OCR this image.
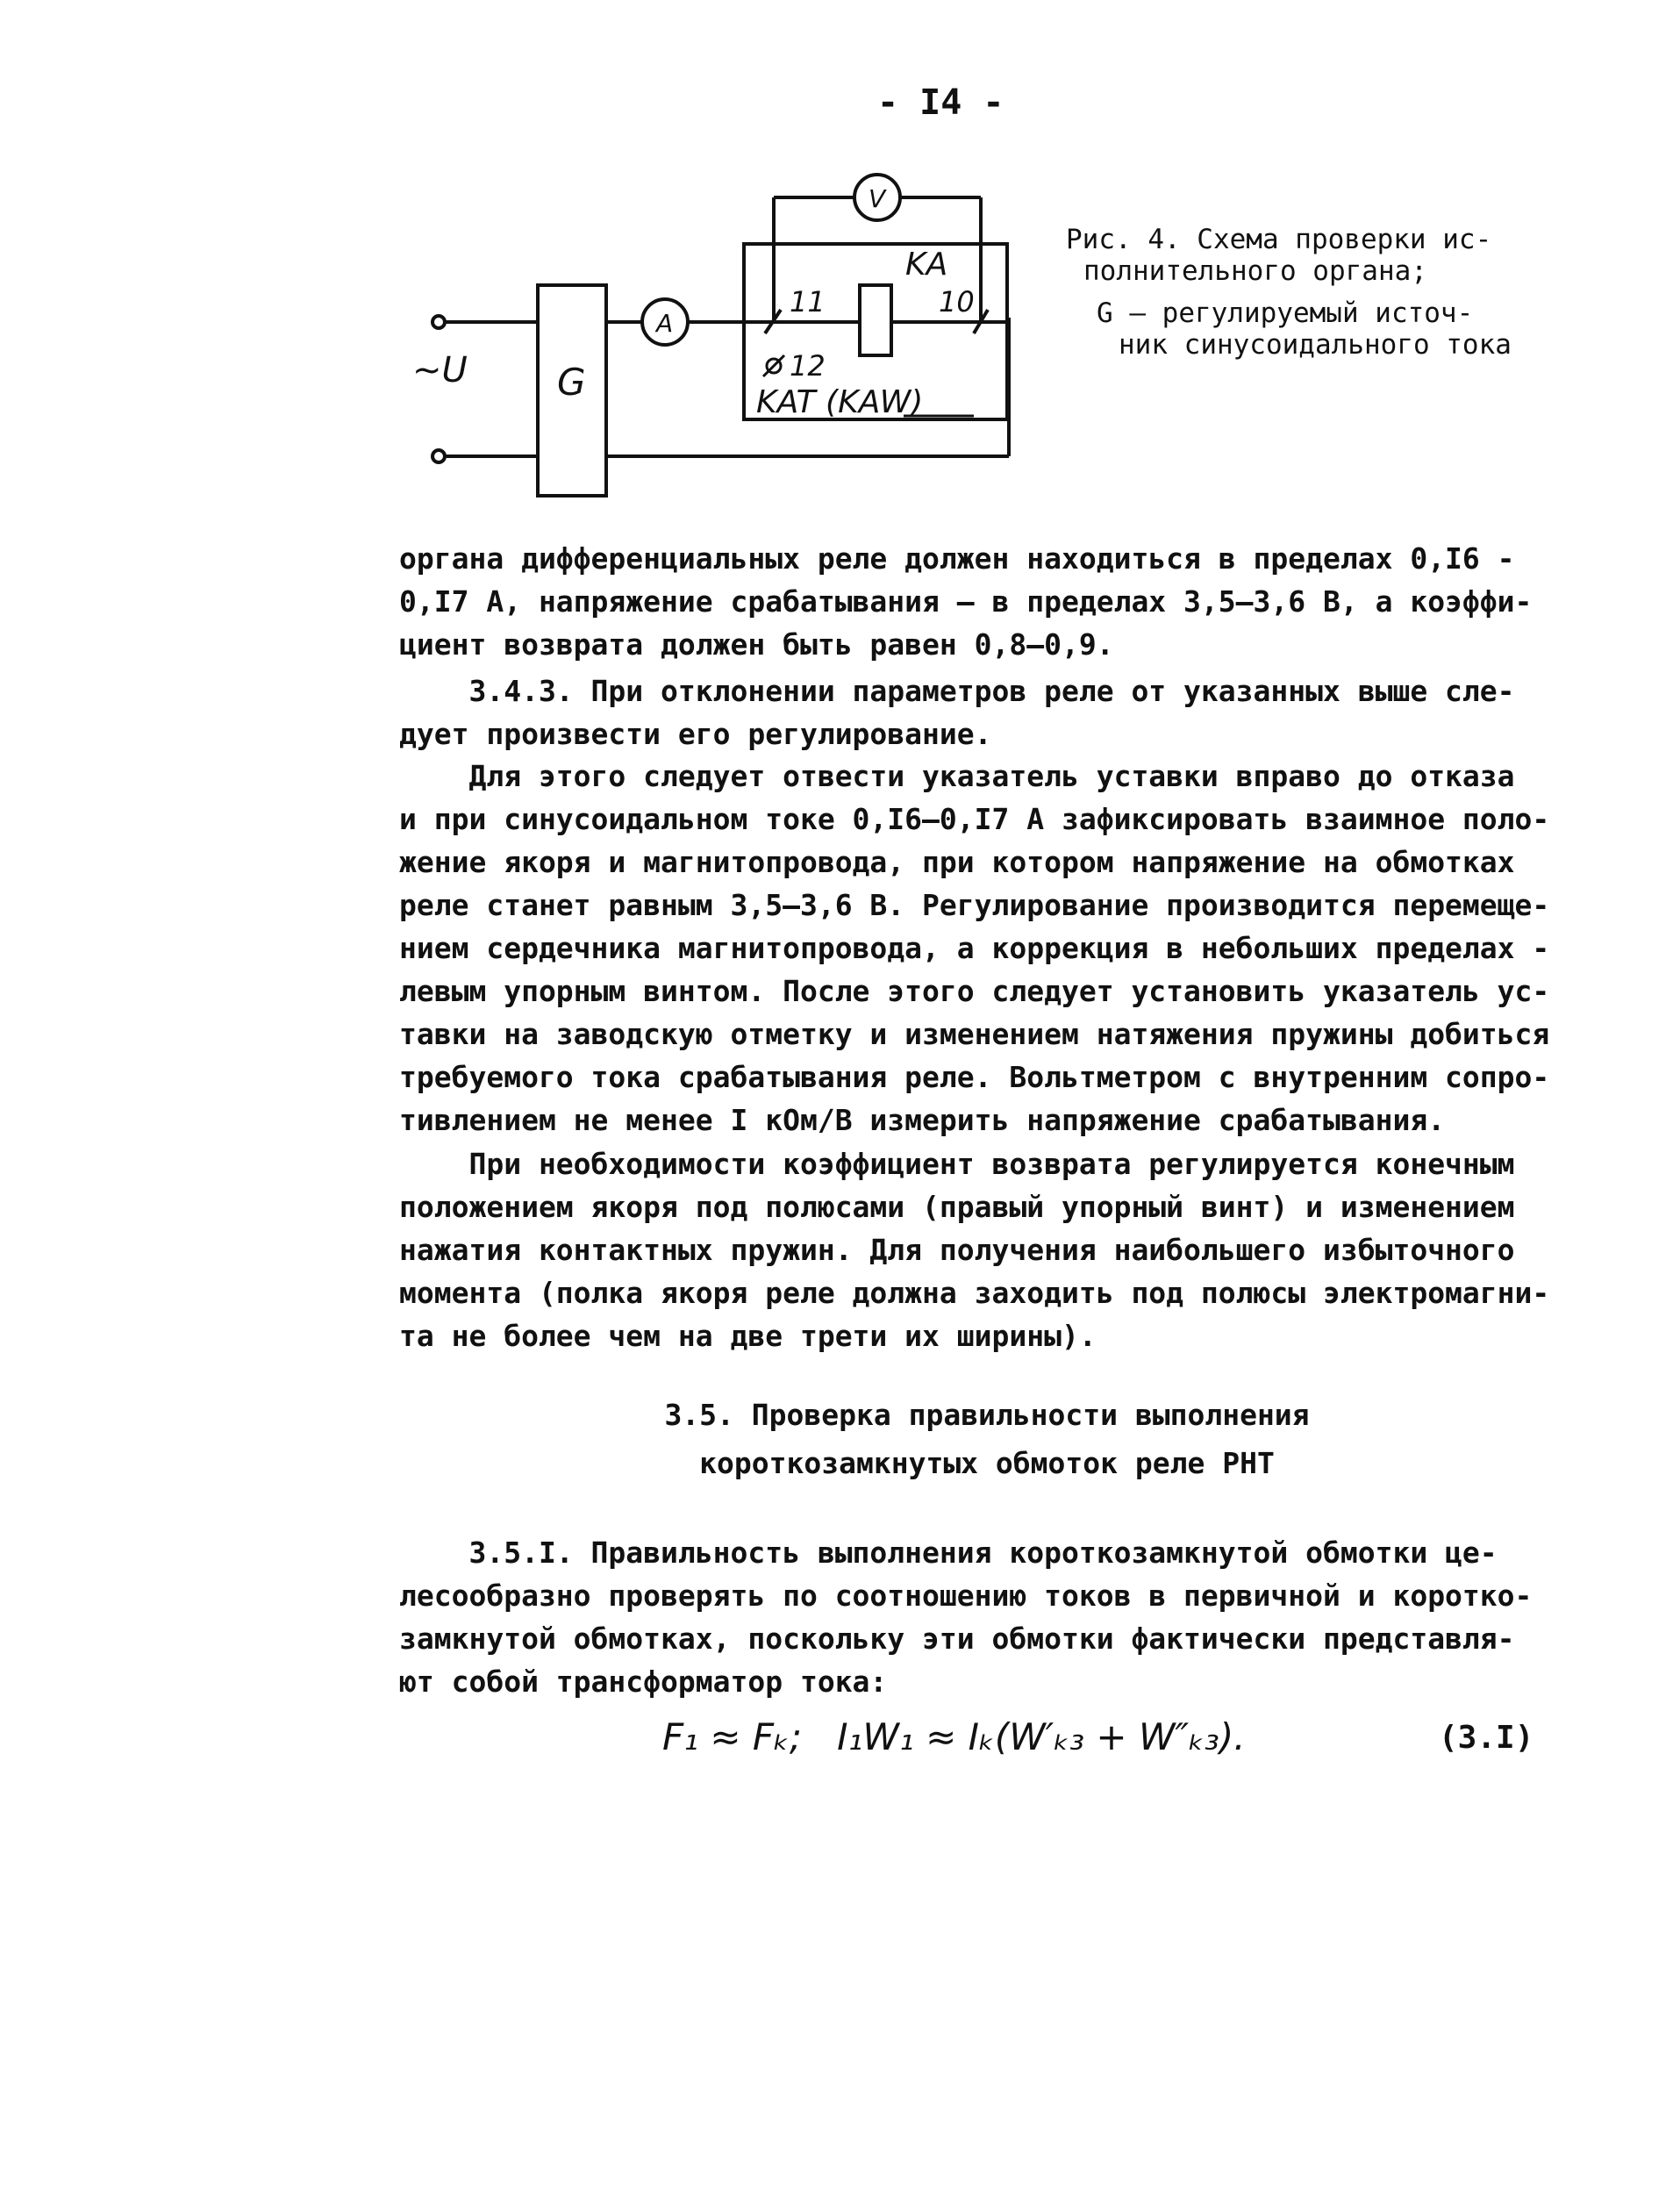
- I4 -
~U G
A
V
KA
11	10
12
KAT (KAW)
Рис. 4. Схема проверки ис-
полнительного органа;
G – регулируемый источ-
ник синусоидального тока
органа дифференциальных реле должен находиться в пределах 0,I6 -
0,I7 А, напряжение срабатывания – в пределах 3,5–3,6 В, а коэффи-
циент возврата должен быть равен 0,8–0,9.
3.4.3. При отклонении параметров реле от указанных выше сле-
дует произвести его регулирование.
Для этого следует отвести указатель уставки вправо до отказа
и при синусоидальном токе 0,I6–0,I7 А зафиксировать взаимное поло-
жение якоря и магнитопровода, при котором напряжение на обмотках
реле станет равным 3,5–3,6 В. Регулирование производится перемеще-
нием сердечника магнитопровода, а коррекция в небольших пределах -
левым упорным винтом. После этого следует установить указатель ус-
тавки на заводскую отметку и изменением натяжения пружины добиться
требуемого тока срабатывания реле. Вольтметром с внутренним сопро-
тивлением не менее I кОм/В измерить напряжение срабатывания.
При необходимости коэффициент возврата регулируется конечным
положением якоря под полюсами (правый упорный винт) и изменением
нажатия контактных пружин. Для получения наибольшего избыточного
момента (полка якоря реле должна заходить под полюсы электромагни-
та не более чем на две трети их ширины).
3.5. Проверка правильности выполнения
короткозамкнутых обмоток реле РНТ
3.5.I. Правильность выполнения короткозамкнутой обмотки це-
лесообразно проверять по соотношению токов в первичной и коротко-
замкнутой обмотках, поскольку эти обмотки фактически представля-
ют собой трансформатор тока:
F₁ ≈ Fₖ;   I₁W₁ ≈ Iₖ(W′ₖ₃ + W″ₖ₃).	(3.I)
